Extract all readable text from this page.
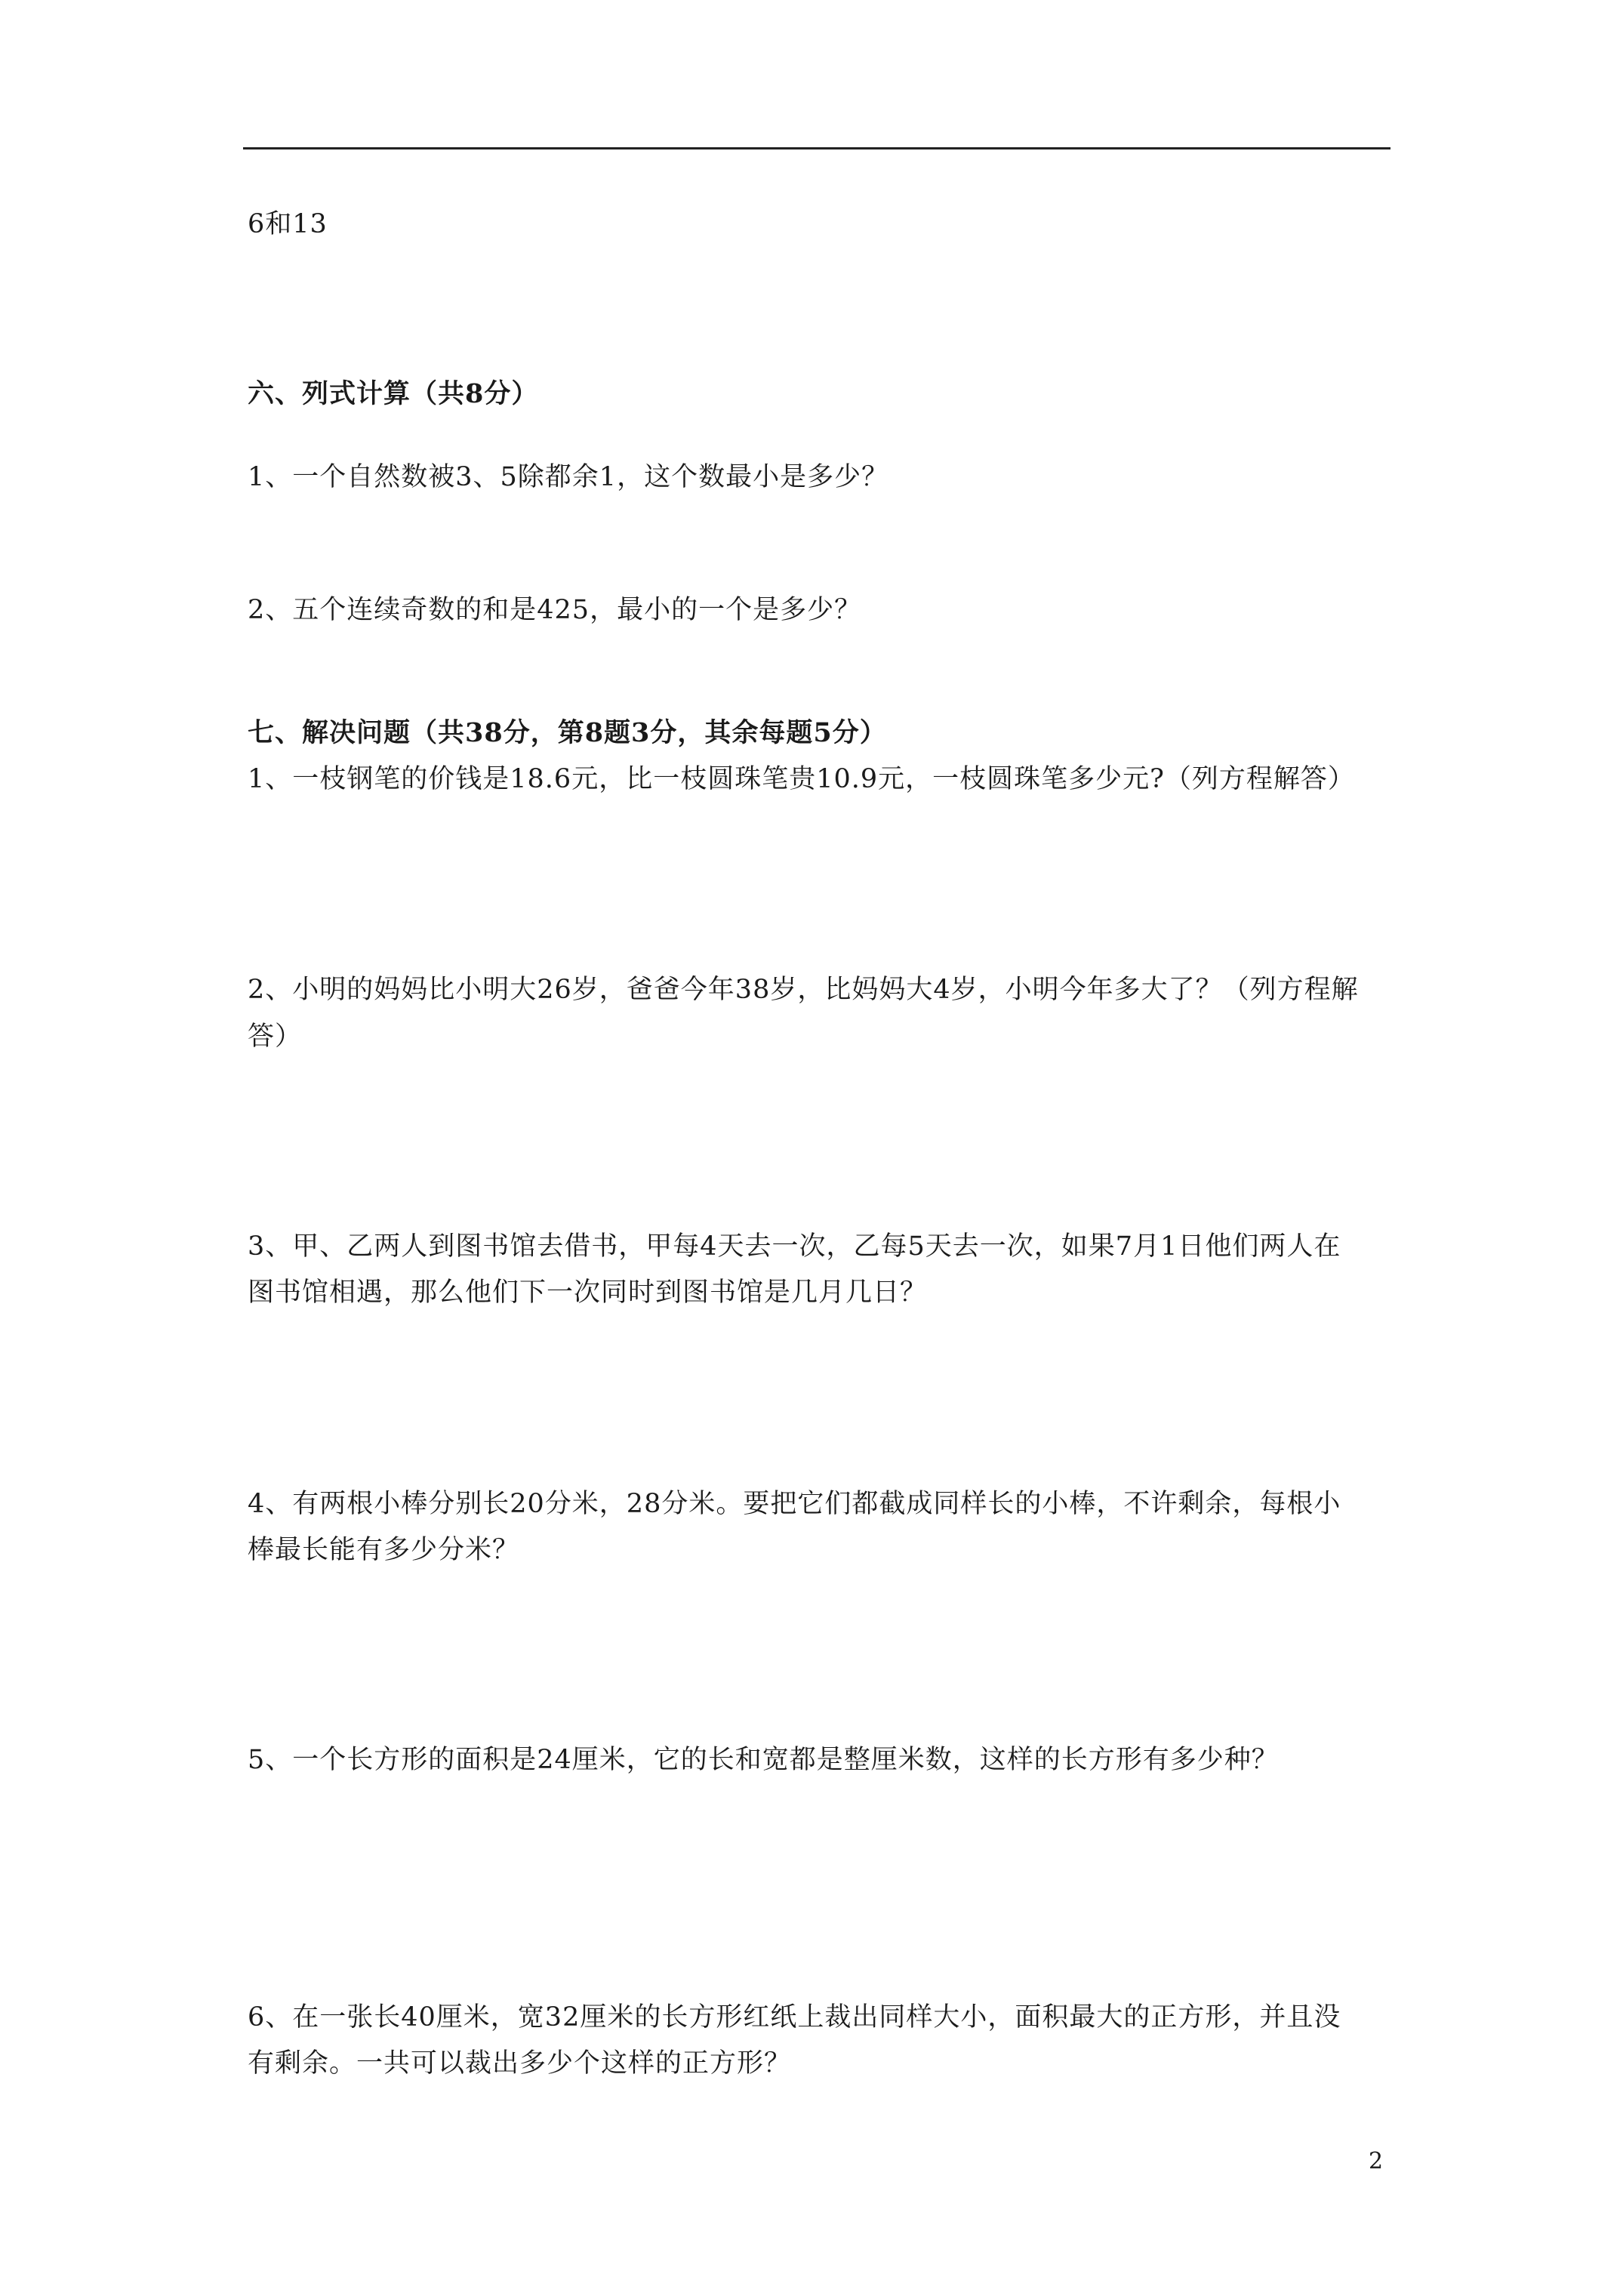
6和13
六、列式计算（共8分）
1、一个自然数被3、5除都余1，这个数最小是多少？
2、五个连续奇数的和是425，最小的一个是多少？
七、解决问题（共38分，第8题3分，其余每题5分）
1、一枝钢笔的价钱是18.6元，比一枝圆珠笔贵10.9元，一枝圆珠笔多少元?（列方程解答）
2、小明的妈妈比小明大26岁，爸爸今年38岁，比妈妈大4岁，小明今年多大了？（列方程解
答）
3、甲、乙两人到图书馆去借书，甲每4天去一次，乙每5天去一次，如果7月1日他们两人在
图书馆相遇，那么他们下一次同时到图书馆是几月几日？
4、有两根小棒分别长20分米，28分米。要把它们都截成同样长的小棒，不许剩余，每根小
棒最长能有多少分米？
5、一个长方形的面积是24厘米，它的长和宽都是整厘米数，这样的长方形有多少种？
6、在一张长40厘米，宽32厘米的长方形红纸上裁出同样大小，面积最大的正方形，并且没
有剩余。一共可以裁出多少个这样的正方形？
2
